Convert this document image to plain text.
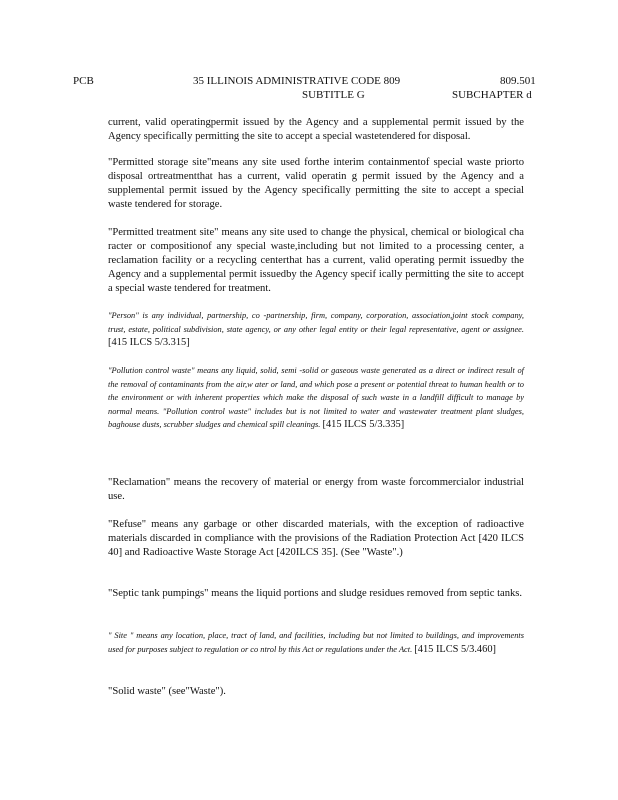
PCB	35 ILLINOIS ADMINISTRATIVE CODE 809	809.501
SUBTITLE G	SUBCHAPTER d

current, valid operatingpermit issued by the Agency and a supplemental permit issued by the Agency specifically permitting the site to accept a special wastetendered for disposal.

"Permitted storage site"means any site used forthe interim containmentof special waste priorto disposal ortreatmentthat has a current, valid operatin g permit issued by the Agency and a supplemental permit issued by the Agency specifically permitting the site to accept a special waste tendered for storage.

"Permitted treatment site" means any site used to change the physical, chemical or biological cha racter or compositionof any special waste,including but not limited to a processing center, a reclamation facility or a recycling centerthat has a current, valid operating permit issuedby the Agency and a supplemental permit issuedby the Agency specif ically permitting the site to accept a special waste tendered for treatment.

"Person" is any individual, partnership, co -partnership, firm, company, corporation, association,joint stock company, trust, estate, political subdivision, state agency, or any other legal entity or their legal representative, agent or assignee. [415 ILCS 5/3.315]

"Pollution control waste" means any liquid, solid, semi -solid or gaseous waste generated as a direct or indirect result of the removal of contaminants from the air,w ater or land, and which pose a present or potential threat to human health or to the environment or with inherent properties which make the disposal of such waste in a landfill difficult to manage by normal means. "Pollution control waste" includes but is not limited to water and wastewater treatment plant sludges, baghouse dusts, scrubber sludges and chemical spill cleanings. [415 ILCS 5/3.335]

"Reclamation" means the recovery of material or energy from waste forcommercialor industrial use.

"Refuse" means any garbage or other discarded materials, with the exception of radioactive materials discarded in compliance with the provisions of the Radiation Protection Act [420 ILCS 40] and Radioactive Waste Storage Act [420ILCS 35]. (See "Waste".)

"Septic tank pumpings" means the liquid portions and sludge residues removed from septic tanks.

" Site " means any location, place, tract of land, and facilities, including but not limited to buildings, and improvements used for purposes subject to regulation or co ntrol by this Act or regulations under the Act. [415 ILCS 5/3.460]

"Solid waste" (see"Waste").
